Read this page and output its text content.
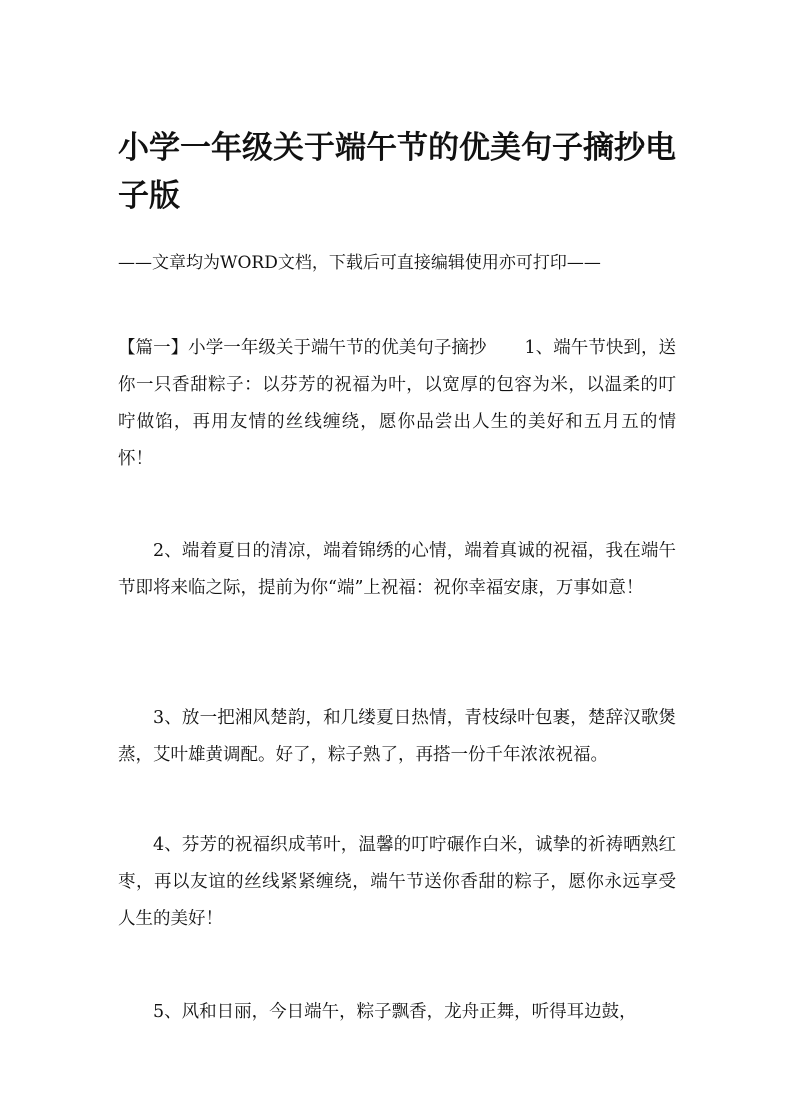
小学一年级关于端午节的优美句子摘抄电子版

——文章均为WORD文档，下载后可直接编辑使用亦可打印——

【篇一】小学一年级关于端午节的优美句子摘抄 1、端午节快到，送你一只香甜粽子：以芬芳的祝福为叶，以宽厚的包容为米，以温柔的叮咛做馅，再用友情的丝线缠绕，愿你品尝出人生的美好和五月五的情怀！

2、端着夏日的清凉，端着锦绣的心情，端着真诚的祝福，我在端午节即将来临之际，提前为你“端”上祝福：祝你幸福安康，万事如意！

3、放一把湘风楚韵，和几缕夏日热情，青枝绿叶包裹，楚辞汉歌煲蒸，艾叶雄黄调配。好了，粽子熟了，再搭一份千年浓浓祝福。

4、芬芳的祝福织成苇叶，温馨的叮咛碾作白米，诚挚的祈祷晒熟红枣，再以友谊的丝线紧紧缠绕，端午节送你香甜的粽子，愿你永远享受人生的美好！

5、风和日丽，今日端午，粽子飘香，龙舟正舞，听得耳边鼓，
